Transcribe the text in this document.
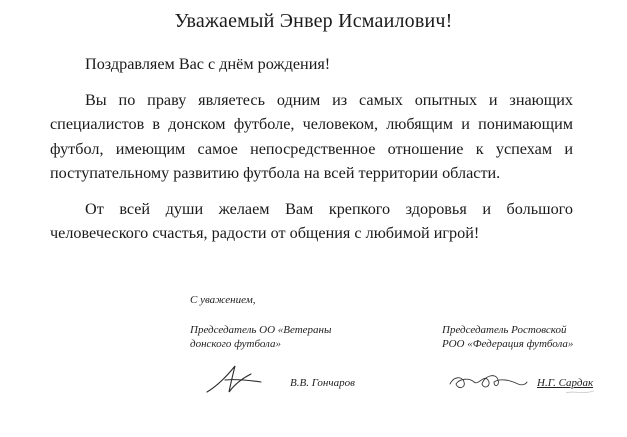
Уважаемый Энвер Исмаилович!

Поздравляем Вас с днём рождения!

Вы по праву являетесь одним из самых опытных и знающих специалистов в донском футболе, человеком, любящим и понимающим футбол, имеющим самое непосредственное отношение к успехам и поступательному развитию футбола на всей территории области.

От всей души желаем Вам крепкого здоровья и большого человеческого счастья, радости от общения с любимой игрой!

С уважением,
Председатель ОО «Ветераны
донского футбола»
Председатель Ростовской
РОО «Федерация футбола»
В.В. Гончаров	Н.Г. Сардак
